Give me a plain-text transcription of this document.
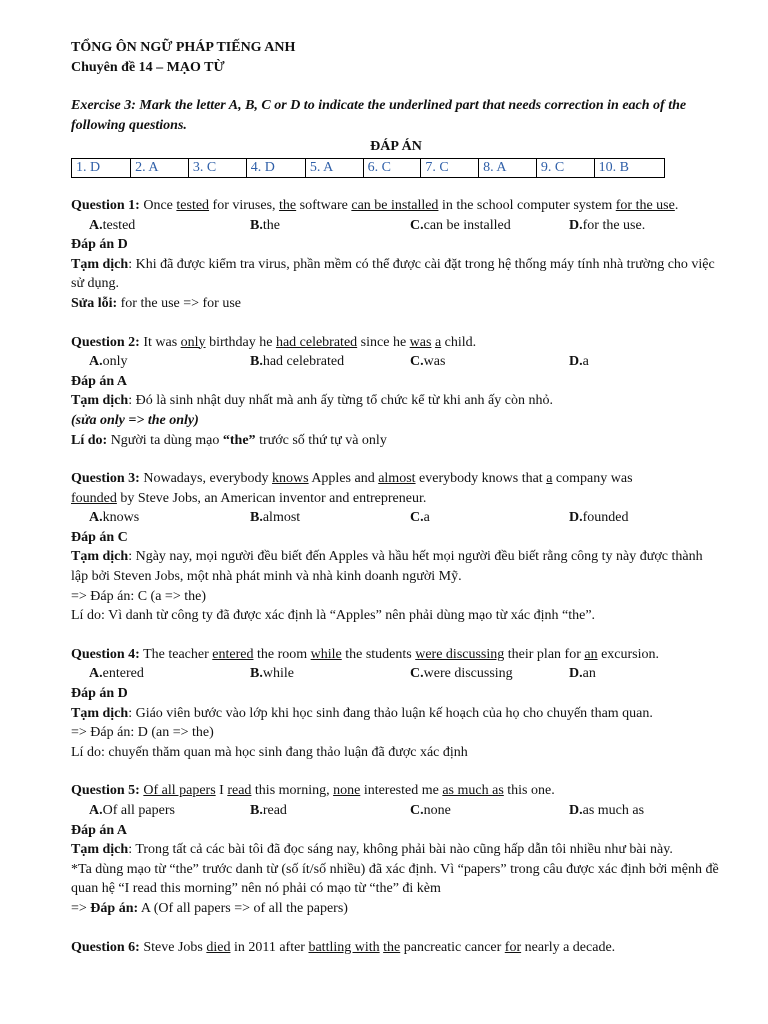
TỔNG ÔN NGỮ PHÁP TIẾNG ANH
Chuyên đề 14 – MẠO TỪ

Exercise 3: Mark the letter A, B, C or D to indicate the underlined part that needs correction in each of the following questions.

ĐÁP ÁN
1. D	2. A	3. C	4. D	5. A	6. C	7. C	8. A	9. C	10. B

Question 1: Once tested for viruses, the software can be installed in the school computer system for the use.

A. tested	B. the	C. can be installed	D. for the use.

Đáp án D

Tạm dịch: Khi đã được kiểm tra virus, phần mềm có thể được cài đặt trong hệ thống máy tính nhà trường cho việc sử dụng.

Sửa lỗi: for the use => for use

Question 2: It was only birthday he had celebrated since he was a child.

A. only	B. had celebrated	C. was	D. a

Đáp án A

Tạm dịch: Đó là sinh nhật duy nhất mà anh ấy từng tổ chức kể từ khi anh ấy còn nhỏ.

(sửa only => the only)

Lí do: Người ta dùng mạo “the” trước số thứ tự và only

Question 3: Nowadays, everybody knows Apples and almost everybody knows that a company was
founded by Steve Jobs, an American inventor and entrepreneur.

A. knows	B. almost	C. a	D. founded

Đáp án C

Tạm dịch: Ngày nay, mọi người đều biết đến Apples và hầu hết mọi người đều biết rằng công ty này được thành lập bởi Steven Jobs, một nhà phát minh và nhà kinh doanh người Mỹ.

=> Đáp án: C (a => the)

Lí do: Vì danh từ công ty đã được xác định là “Apples” nên phải dùng mạo từ xác định “the”.

Question 4: The teacher entered the room while the students were discussing their plan for an excursion.

A. entered	B. while	C. were discussing	D. an

Đáp án D

Tạm dịch: Giáo viên bước vào lớp khi học sinh đang thảo luận kế hoạch của họ cho chuyến tham quan.

=> Đáp án: D (an => the)

Lí do: chuyến thăm quan mà học sinh đang thảo luận đã được xác định

Question 5: Of all papers I read this morning, none interested me as much as this one.

A. Of all papers	B. read	C. none	D. as much as

Đáp án A

Tạm dịch: Trong tất cả các bài tôi đã đọc sáng nay, không phải bài nào cũng hấp dẫn tôi nhiều như bài này.

*Ta dùng mạo từ “the” trước danh từ (số ít/số nhiều) đã xác định. Vì “papers” trong câu được xác định bởi mệnh đề quan hệ “I read this morning” nên nó phải có mạo từ “the” đi kèm

=> Đáp án: A (Of all papers => of all the papers)

Question 6: Steve Jobs died in 2011 after battling with the pancreatic cancer for nearly a decade.
